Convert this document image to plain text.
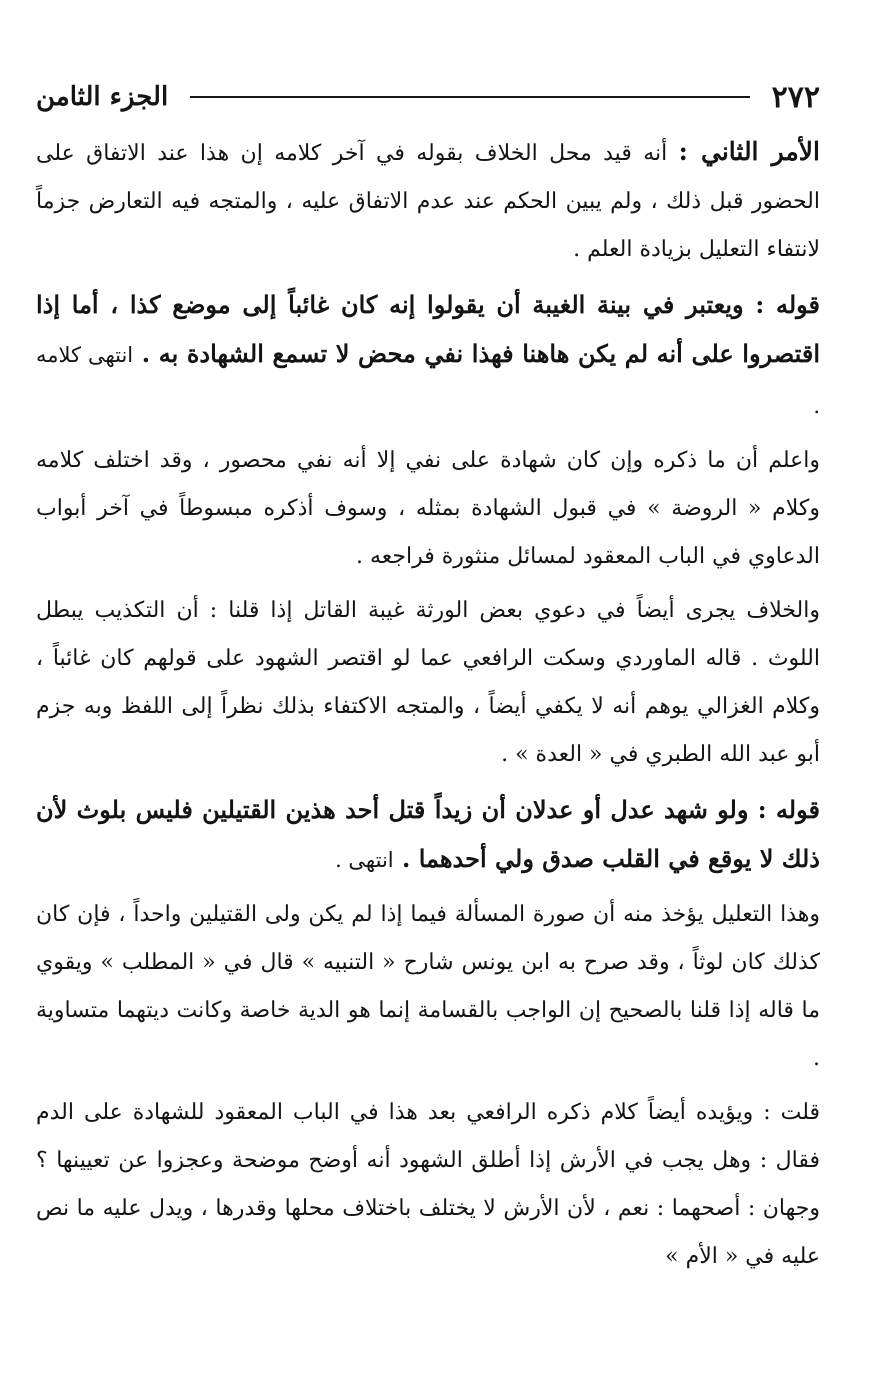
الجزء الثامن	٢٧٢

الأمر الثاني : أنه قيد محل الخلاف بقوله في آخر كلامه إن هذا عند الاتفاق على الحضور قبل ذلك ، ولم يبين الحكم عند عدم الاتفاق عليه ، والمتجه فيه التعارض جزماً لانتفاء التعليل بزيادة العلم .

قوله : ويعتبر في بينة الغيبة أن يقولوا إنه كان غائباً إلى موضع كذا ، أما إذا اقتصروا على أنه لم يكن هاهنا فهذا نفي محض لا تسمع الشهادة به . انتهى كلامه .

واعلم أن ما ذكره وإن كان شهادة على نفي إلا أنه نفي محصور ، وقد اختلف كلامه وكلام « الروضة » في قبول الشهادة بمثله ، وسوف أذكره مبسوطاً في آخر أبواب الدعاوي في الباب المعقود لمسائل منثورة فراجعه .

والخلاف يجرى أيضاً في دعوي بعض الورثة غيبة القاتل إذا قلنا : أن التكذيب يبطل اللوث . قاله الماوردي وسكت الرافعي عما لو اقتصر الشهود على قولهم كان غائباً ، وكلام الغزالي يوهم أنه لا يكفي أيضاً ، والمتجه الاكتفاء بذلك نظراً إلى اللفظ وبه جزم أبو عبد الله الطبري في « العدة » .

قوله : ولو شهد عدل أو عدلان أن زيداً قتل أحد هذين القتيلين فليس بلوث لأن ذلك لا يوقع في القلب صدق ولي أحدهما . انتهى .

وهذا التعليل يؤخذ منه أن صورة المسألة فيما إذا لم يكن ولى القتيلين واحداً ، فإن كان كذلك كان لوثاً ، وقد صرح به ابن يونس شارح « التنبيه » قال في « المطلب » ويقوي ما قاله إذا قلنا بالصحيح إن الواجب بالقسامة إنما هو الدية خاصة وكانت ديتهما متساوية .

قلت : ويؤيده أيضاً كلام ذكره الرافعي بعد هذا في الباب المعقود للشهادة على الدم فقال : وهل يجب في الأرش إذا أطلق الشهود أنه أوضح موضحة وعجزوا عن تعيينها ؟ وجهان : أصحهما : نعم ، لأن الأرش لا يختلف باختلاف محلها وقدرها ، ويدل عليه ما نص عليه في « الأم »
